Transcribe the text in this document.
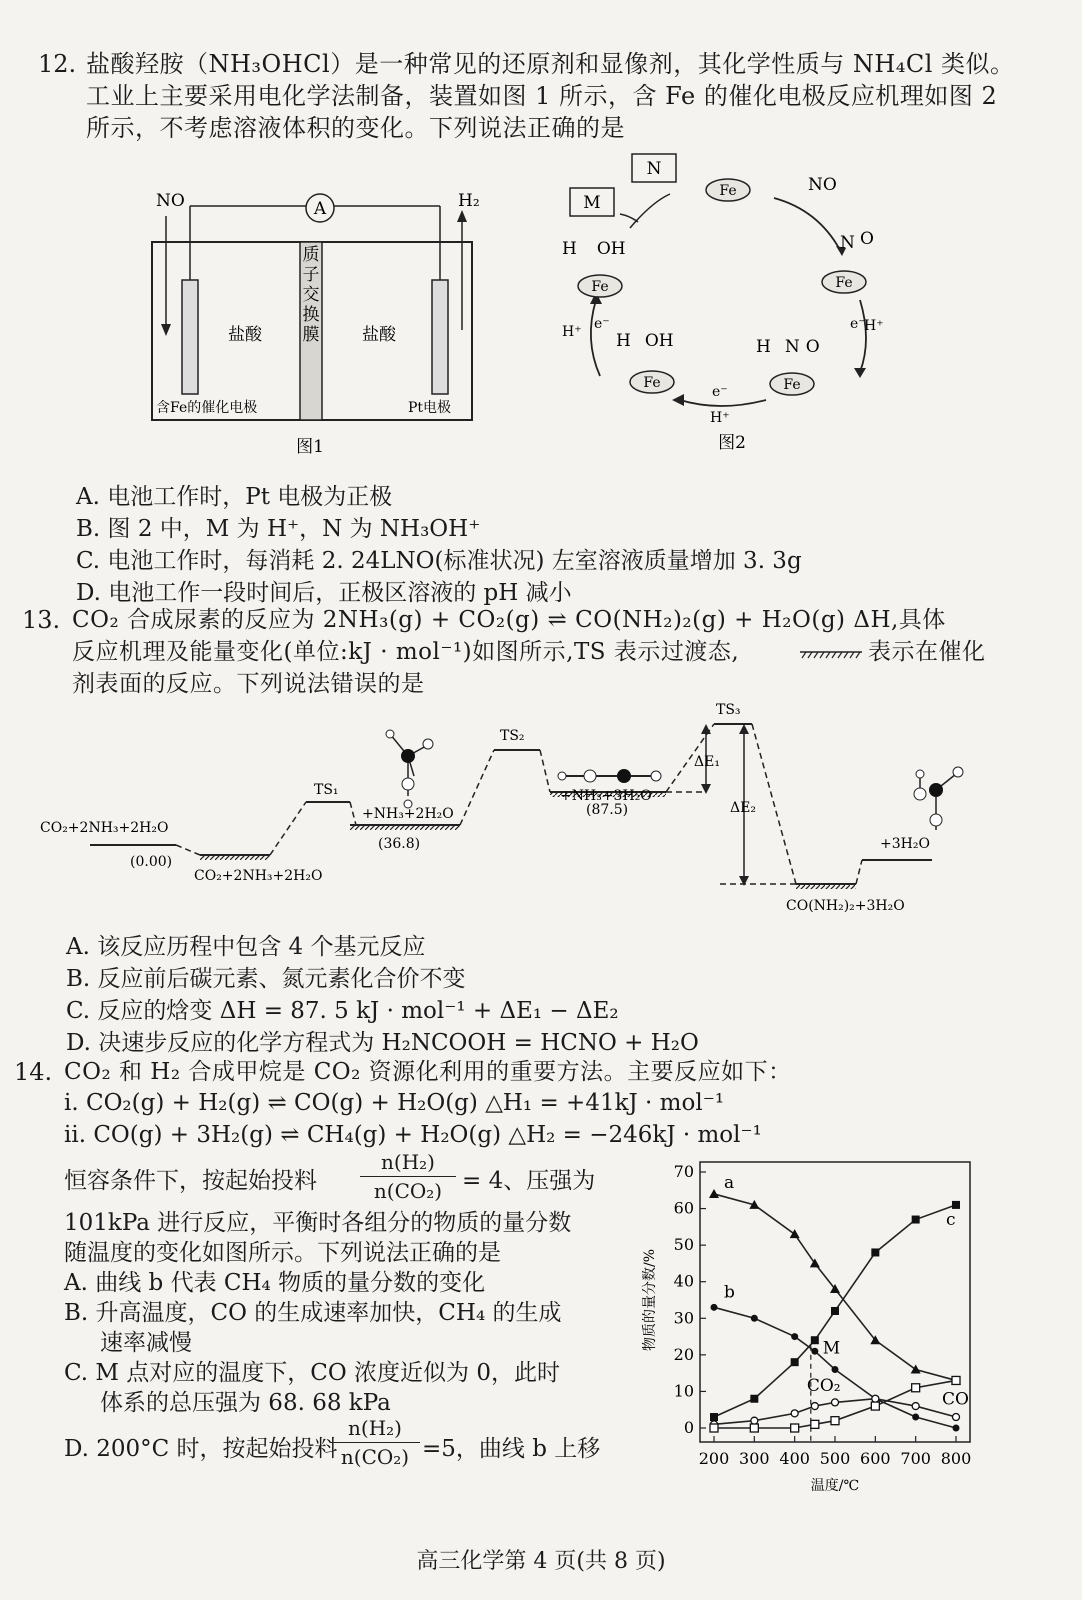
12. 盐酸羟胺（NH₃OHCl）是一种常见的还原剂和显像剂，其化学性质与 NH₄Cl 类似。
工业上主要采用电化学法制备，装置如图 1 所示，含 Fe 的催化电极反应机理如图 2
所示，不考虑溶液体积的变化。下列说法正确的是
质子交换膜
A
NO	H₂
盐酸	盐酸
含Fe的催化电极	Pt电极
图1
M
N
Fe	NO
N O
Fe
e⁻
H⁺
H N O
Fe
e⁻
H⁺
H OH
Fe
H⁺ e⁻
H OH
Fe
图2
A. 电池工作时，Pt 电极为正极
B. 图 2 中，M 为 H⁺，N 为 NH₃OH⁺
C. 电池工作时，每消耗 2. 24LNO(标准状况) 左室溶液质量增加 3. 3g
D. 电池工作一段时间后，正极区溶液的 pH 减小
13. CO₂ 合成尿素的反应为 2NH₃(g) + CO₂(g) ⇌ CO(NH₂)₂(g) + H₂O(g) ΔH,具体
反应机理及能量变化(单位:kJ · mol⁻¹)如图所示,TS 表示过渡态,	表示在催化
剂表面的反应。下列说法错误的是
CO₂+2NH₃+2H₂O
(0.00)
CO₂+2NH₃+2H₂O
TS₁
+NH₃+2H₂O
(36.8)
TS₂
+NH₃+3H₂O
(87.5)
TS₃
ΔE₁
ΔE₂
CO(NH₂)₂+3H₂O
+3H₂O
A. 该反应历程中包含 4 个基元反应
B. 反应前后碳元素、氮元素化合价不变
C. 反应的焓变 ΔH = 87. 5 kJ · mol⁻¹ + ΔE₁ − ΔE₂
D. 决速步反应的化学方程式为 H₂NCOOH = HCNO + H₂O
14. CO₂ 和 H₂ 合成甲烷是 CO₂ 资源化利用的重要方法。主要反应如下：
ⅰ. CO₂(g) + H₂(g) ⇌ CO(g) + H₂O(g) △H₁ = +41kJ · mol⁻¹
ⅱ. CO(g) + 3H₂(g) ⇌ CH₄(g) + H₂O(g) △H₂ = −246kJ · mol⁻¹
恒容条件下，按起始投料
n(H₂)
n(CO₂) = 4、压强为
101kPa 进行反应，平衡时各组分的物质的量分数
随温度的变化如图所示。下列说法正确的是
A. 曲线 b 代表 CH₄ 物质的量分数的变化
B. 升高温度，CO 的生成速率加快，CH₄ 的生成
速率减慢
C. M 点对应的温度下，CO 浓度近似为 0，此时
体系的总压强为 68. 68 kPa
D. 200°C 时，按起始投料
n(H₂)
n(CO₂) =5，曲线 b 上移
0
10
20
30
40
50
60
70
200 300 400 500 600 700 800
a
b
c
CO₂
CO
M
物质的量分数/%
温度/℃
高三化学第 4 页(共 8 页)
